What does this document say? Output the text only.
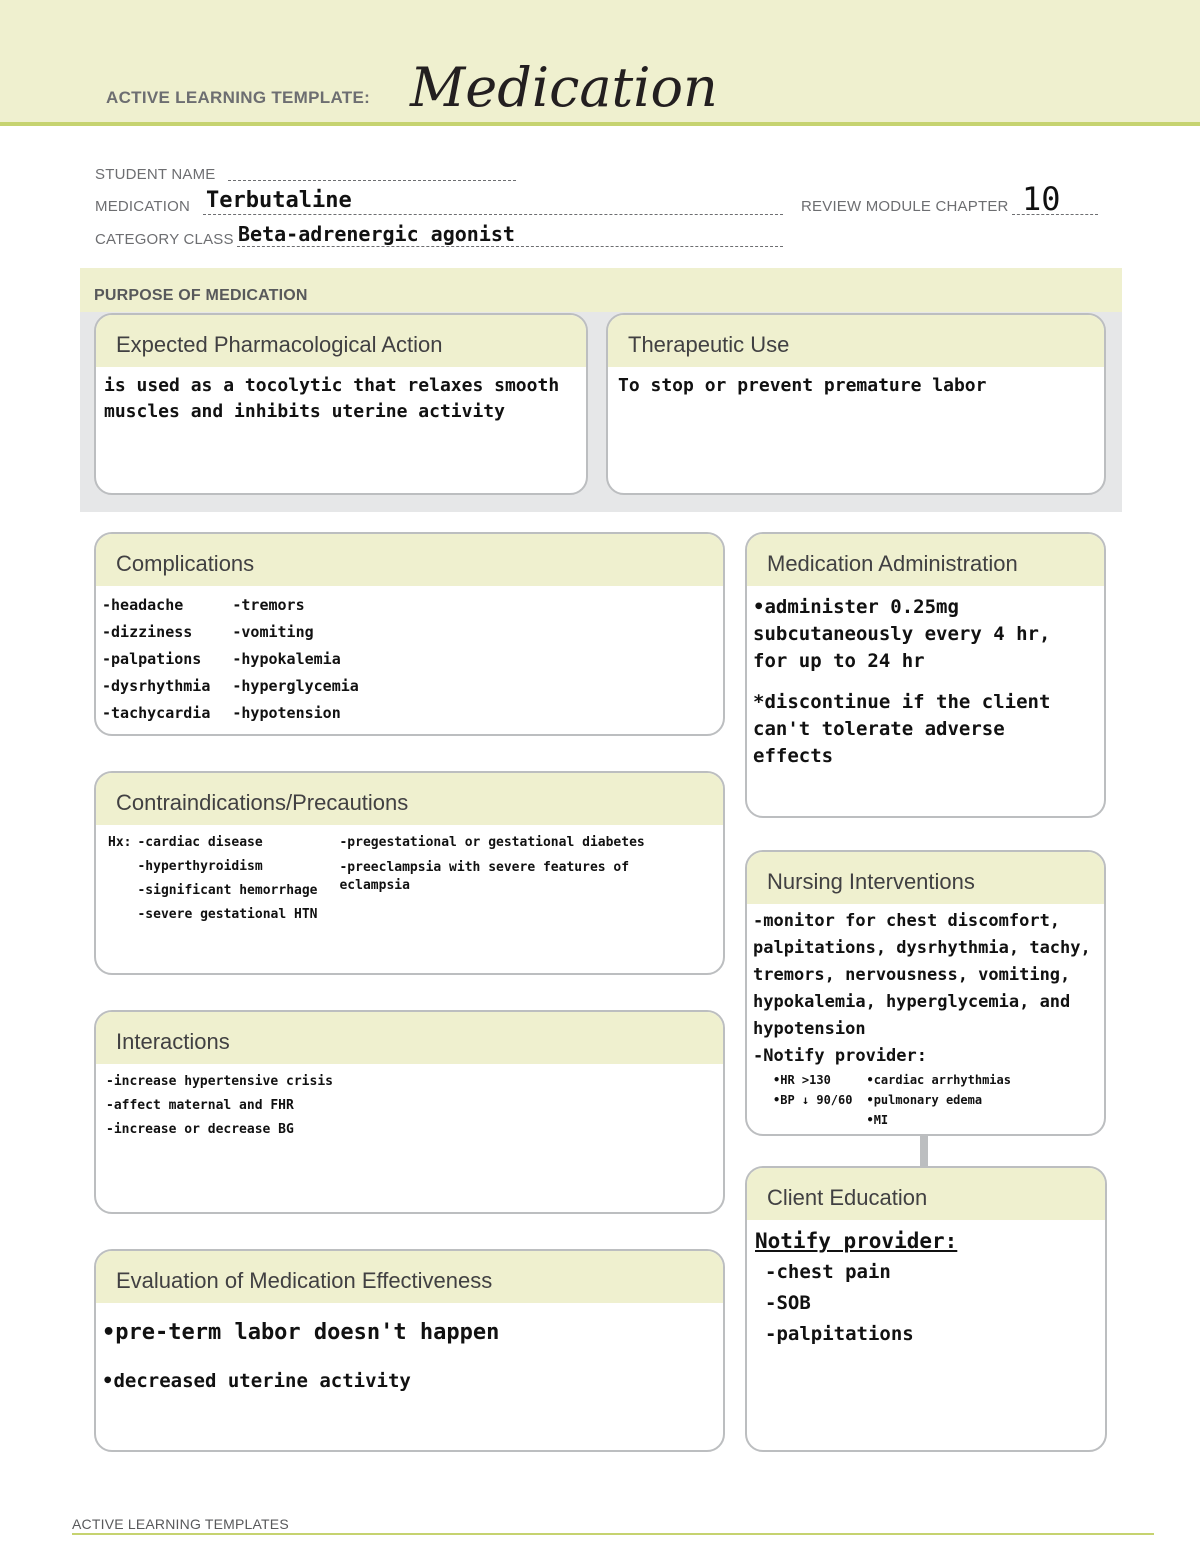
ACTIVE LEARNING TEMPLATE: Medication
STUDENT NAME
MEDICATION Terbutaline	REVIEW MODULE CHAPTER 10
CATEGORY CLASS Beta-adrenergic agonist
PURPOSE OF MEDICATION
Expected Pharmacological Action
is used as a tocolytic that relaxes smooth muscles and inhibits uterine activity
Therapeutic Use
To stop or prevent premature labor
Complications
-headache
-dizziness
-palpations
-dysrhythmia
-tachycardia
-tremors
-vomiting
-hypokalemia
-hyperglycemia
-hypotension
Medication Administration
•administer 0.25mg subcutaneously every 4 hr, for up to 24 hr
*discontinue if the client can't tolerate adverse effects
Contraindications/Precautions
Hx: -cardiac disease
-hyperthyroidism
-significant hemorrhage
-severe gestational HTN
-pregestational or gestational diabetes
-preeclampsia with severe features of eclampsia	Nursing Interventions
-monitor for chest discomfort, palpitations, dysrhythmia, tachy, tremors, nervousness, vomiting, hypokalemia, hyperglycemia, and hypotension
-Notify provider:
•HR >130
•BP ↓ 90/60
•cardiac arrhythmias
•pulmonary edema
•MI
Interactions
-increase hypertensive crisis
-affect maternal and FHR
-increase or decrease BG
Client Education
Notify provider:
-chest pain
-SOB
-palpitations
Evaluation of Medication Effectiveness
•pre-term labor doesn't happen
•decreased uterine activity
ACTIVE LEARNING TEMPLATES
